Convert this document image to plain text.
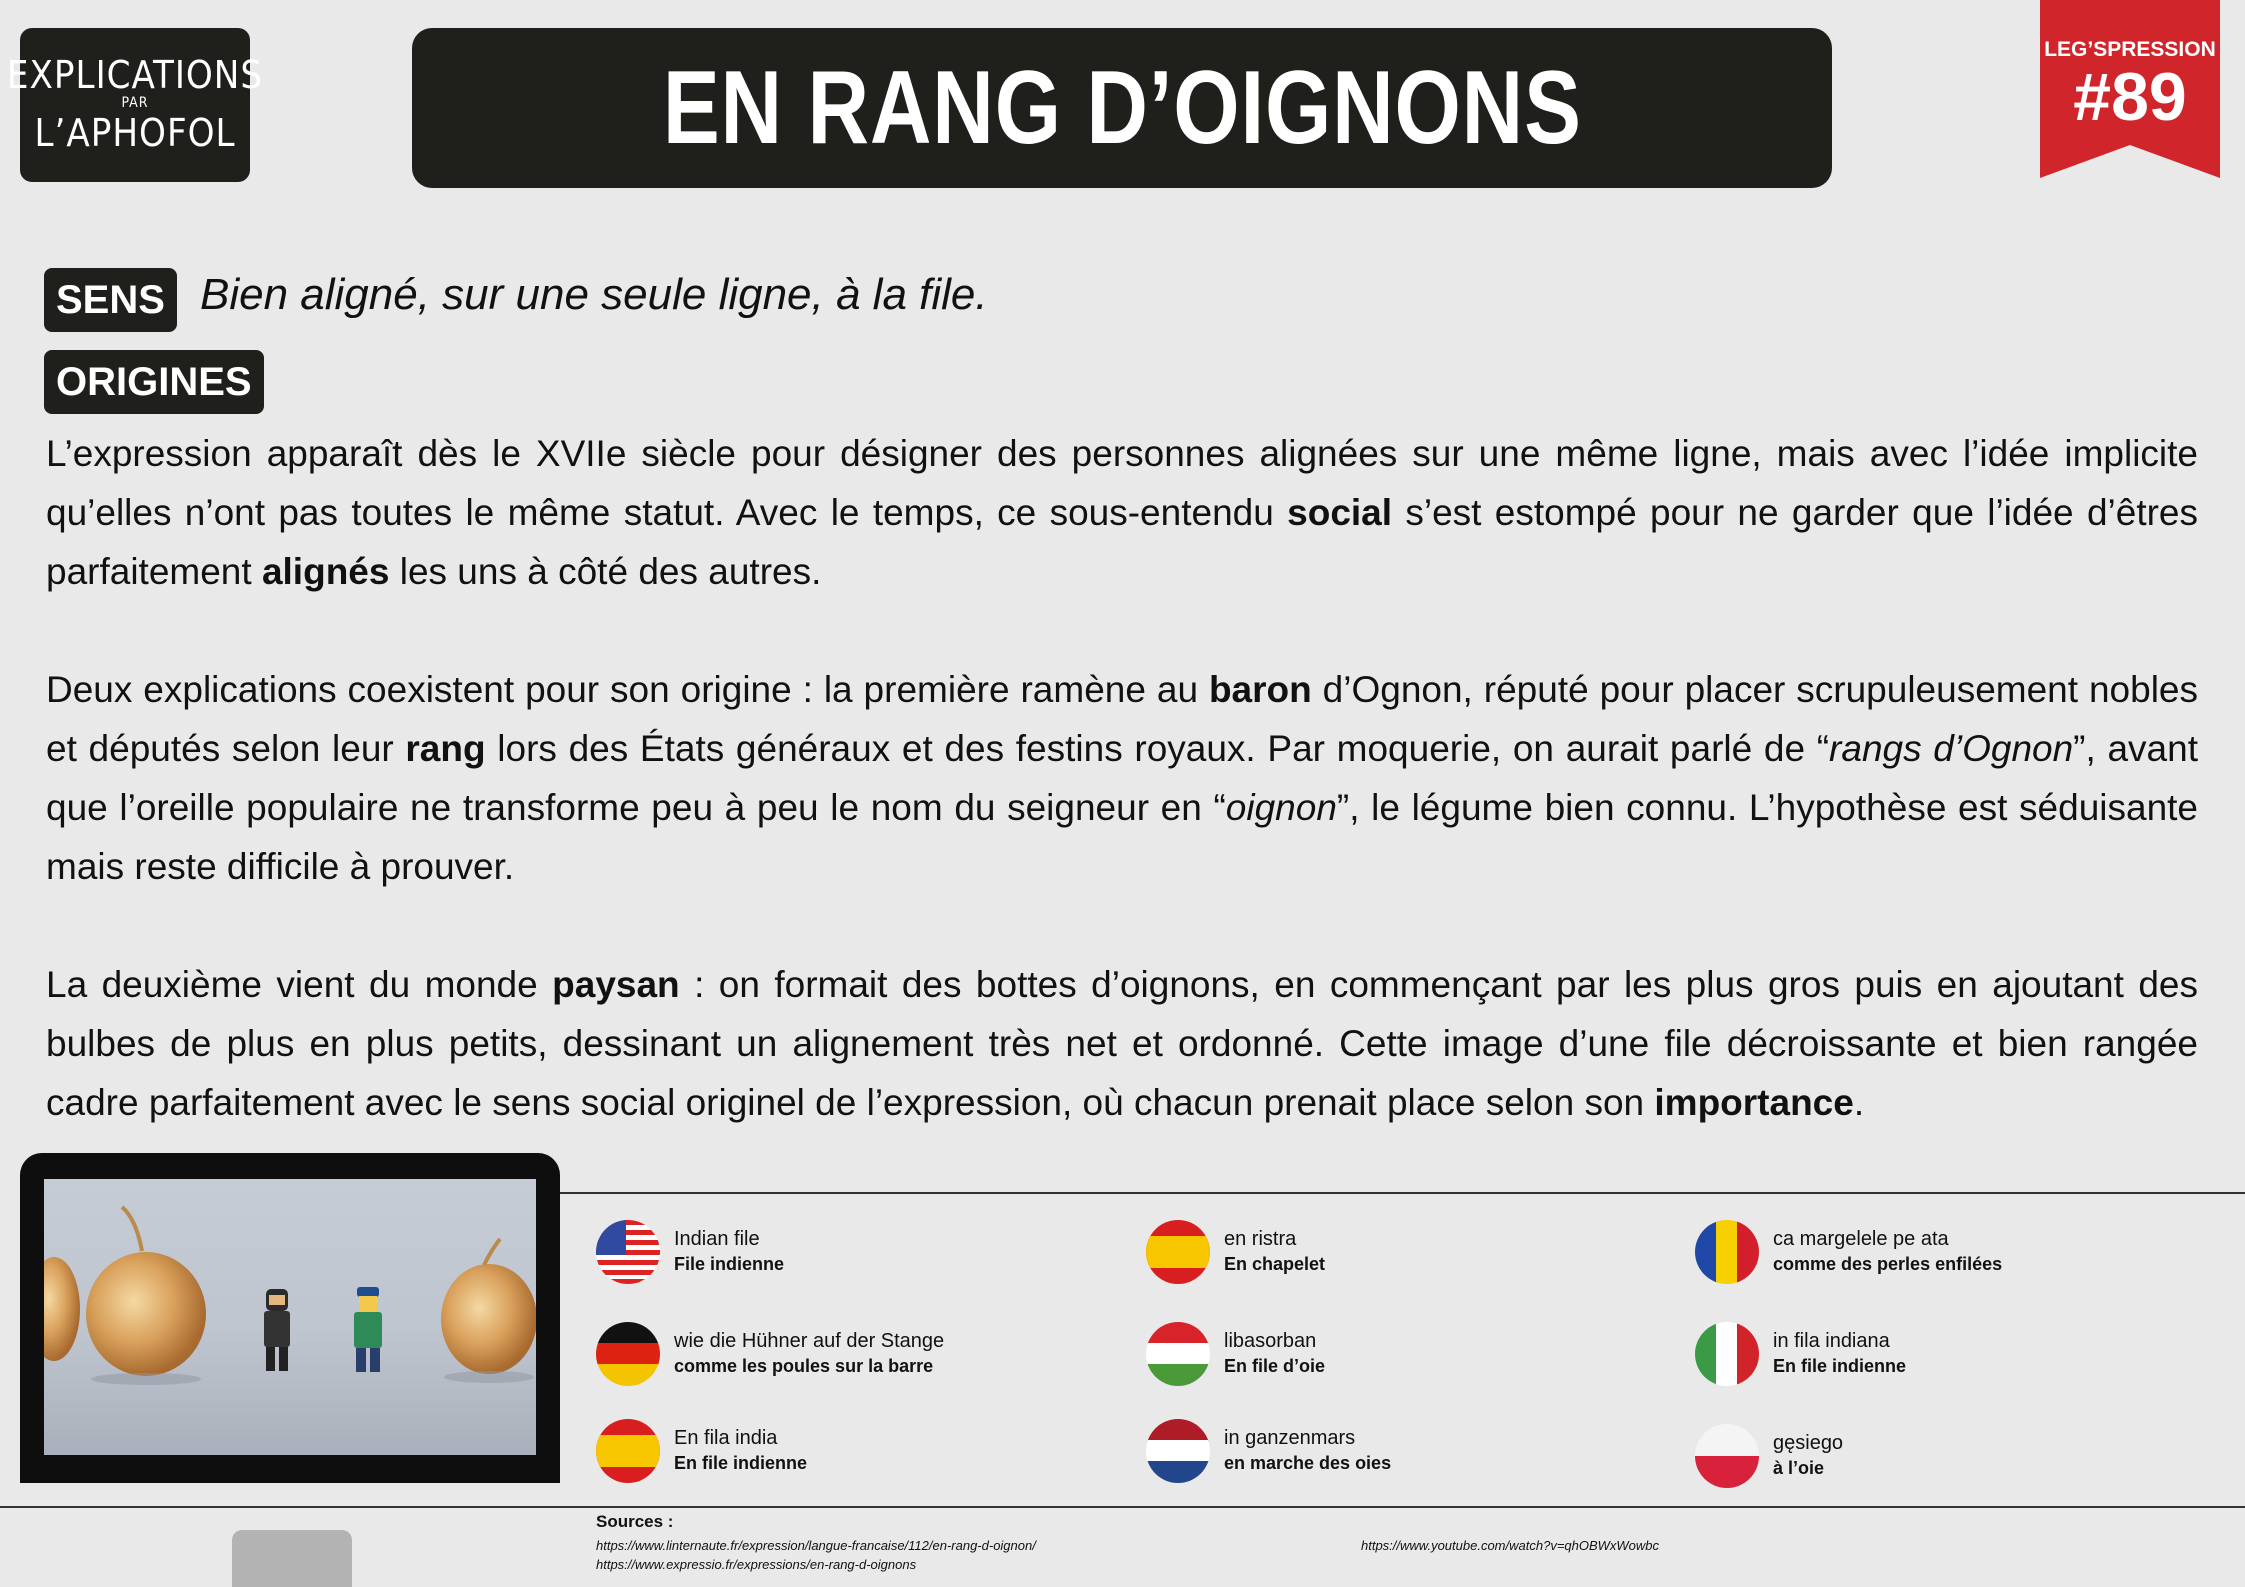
EXPLICATIONS
PAR
L’APHOFOL	EN RANG D’OIGNONS	LEG’SPRESSION
#89
SENS Bien aligné, sur une seule ligne, à la file.
ORIGINES

L’expression apparaît dès le XVIIe siècle pour désigner des personnes alignées sur une même ligne, mais avec l’idée implicite qu’elles n’ont pas toutes le même statut. Avec le temps, ce sous-entendu social s’est estompé pour ne garder que l’idée d’êtres parfaitement alignés les uns à côté des autres.

Deux explications coexistent pour son origine : la première ramène au baron d’Ognon, réputé pour placer scrupuleusement nobles et députés selon leur rang lors des États généraux et des festins royaux. Par moquerie, on aurait parlé de “rangs d’Ognon”, avant que l’oreille populaire ne transforme peu à peu le nom du seigneur en “oignon”, le légume bien connu. L’hypothèse est séduisante mais reste difficile à prouver.

La deuxième vient du monde paysan : on formait des bottes d’oignons, en commençant par les plus gros puis en ajoutant des bulbes de plus en plus petits, dessinant un alignement très net et ordonné. Cette image d’une file décroissante et bien rangée cadre parfaitement avec le sens social originel de l’expression, où chacun prenait place selon son importance.

Indian file
File indienne
wie die Hühner auf der Stange
comme les poules sur la barre
En fila india
En file indienne
en ristra
En chapelet
libasorban
En file d’oie
in ganzenmars
en marche des oies
ca margelele pe ata
comme des perles enfilées
in fila indiana
En file indienne
gęsiego
à l’oie
Sources :
https://www.linternaute.fr/expression/langue-francaise/112/en-rang-d-oignon/
https://www.expressio.fr/expressions/en-rang-d-oignons
https://www.youtube.com/watch?v=qhOBWxWowbc
